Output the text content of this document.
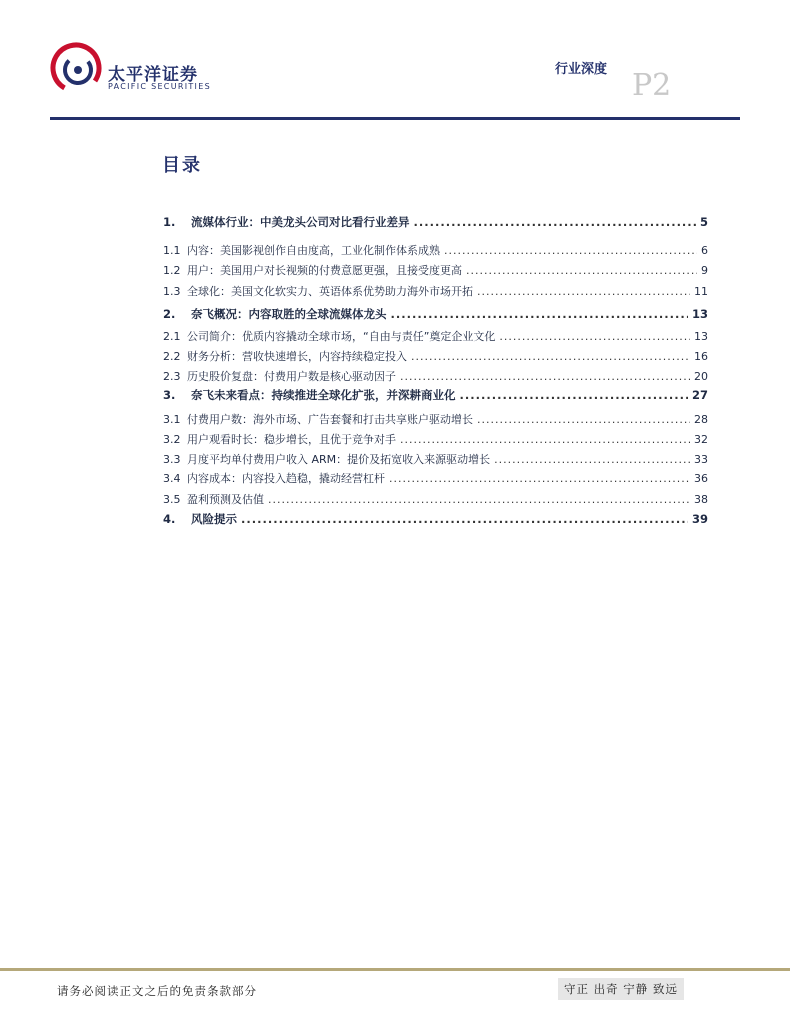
太平洋证券
PACIFIC SECURITIES
行业深度 P2
目录
1.	流媒体行业：中美龙头公司对比看行业差异 .....	5
1.1 内容：美国影视创作自由度高，工业化制作体系成熟 .....	6
1.2 用户：美国用户对长视频的付费意愿更强，且接受度更高 .....	9
1.3 全球化：美国文化软实力、英语体系优势助力海外市场开拓 .....	11
2.	奈飞概况：内容取胜的全球流媒体龙头 .....	13
2.1 公司简介：优质内容撬动全球市场，“自由与责任”奠定企业文化 .....	13
2.2 财务分析：营收快速增长，内容持续稳定投入 .....	16
2.3 历史股价复盘：付费用户数是核心驱动因子 .....	20
3.	奈飞未来看点：持续推进全球化扩张，并深耕商业化 .....	27
3.1 付费用户数：海外市场、广告套餐和打击共享账户驱动增长 .....	28
3.2 用户观看时长：稳步增长，且优于竞争对手 .....	32
3.3 月度平均单付费用户收入 ARM：提价及拓宽收入来源驱动增长 .....	33
3.4 内容成本：内容投入趋稳，撬动经营杠杆 .....	36
3.5 盈利预测及估值 .....	38
4.	风险提示 .....	39
请务必阅读正文之后的免责条款部分	守正 出奇 宁静 致远
